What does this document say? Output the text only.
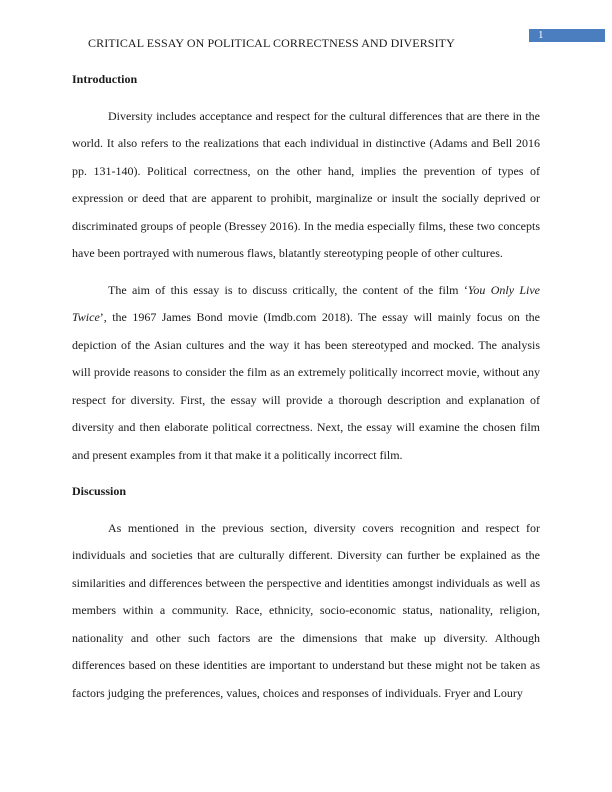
CRITICAL ESSAY ON POLITICAL CORRECTNESS AND DIVERSITY
1

Introduction

Diversity includes acceptance and respect for the cultural differences that are there in the world. It also refers to the realizations that each individual in distinctive (Adams and Bell 2016 pp. 131-140). Political correctness, on the other hand, implies the prevention of types of expression or deed that are apparent to prohibit, marginalize or insult the socially deprived or discriminated groups of people (Bressey 2016). In the media especially films, these two concepts have been portrayed with numerous flaws, blatantly stereotyping people of other cultures.

The aim of this essay is to discuss critically, the content of the film ‘You Only Live Twice’, the 1967 James Bond movie (Imdb.com 2018). The essay will mainly focus on the depiction of the Asian cultures and the way it has been stereotyped and mocked. The analysis will provide reasons to consider the film as an extremely politically incorrect movie, without any respect for diversity. First, the essay will provide a thorough description and explanation of diversity and then elaborate political correctness. Next, the essay will examine the chosen film and present examples from it that make it a politically incorrect film.

Discussion

As mentioned in the previous section, diversity covers recognition and respect for individuals and societies that are culturally different. Diversity can further be explained as the similarities and differences between the perspective and identities amongst individuals as well as members within a community. Race, ethnicity, socio-economic status, nationality, religion, nationality and other such factors are the dimensions that make up diversity. Although differences based on these identities are important to understand but these might not be taken as factors judging the preferences, values, choices and responses of individuals. Fryer and Loury
